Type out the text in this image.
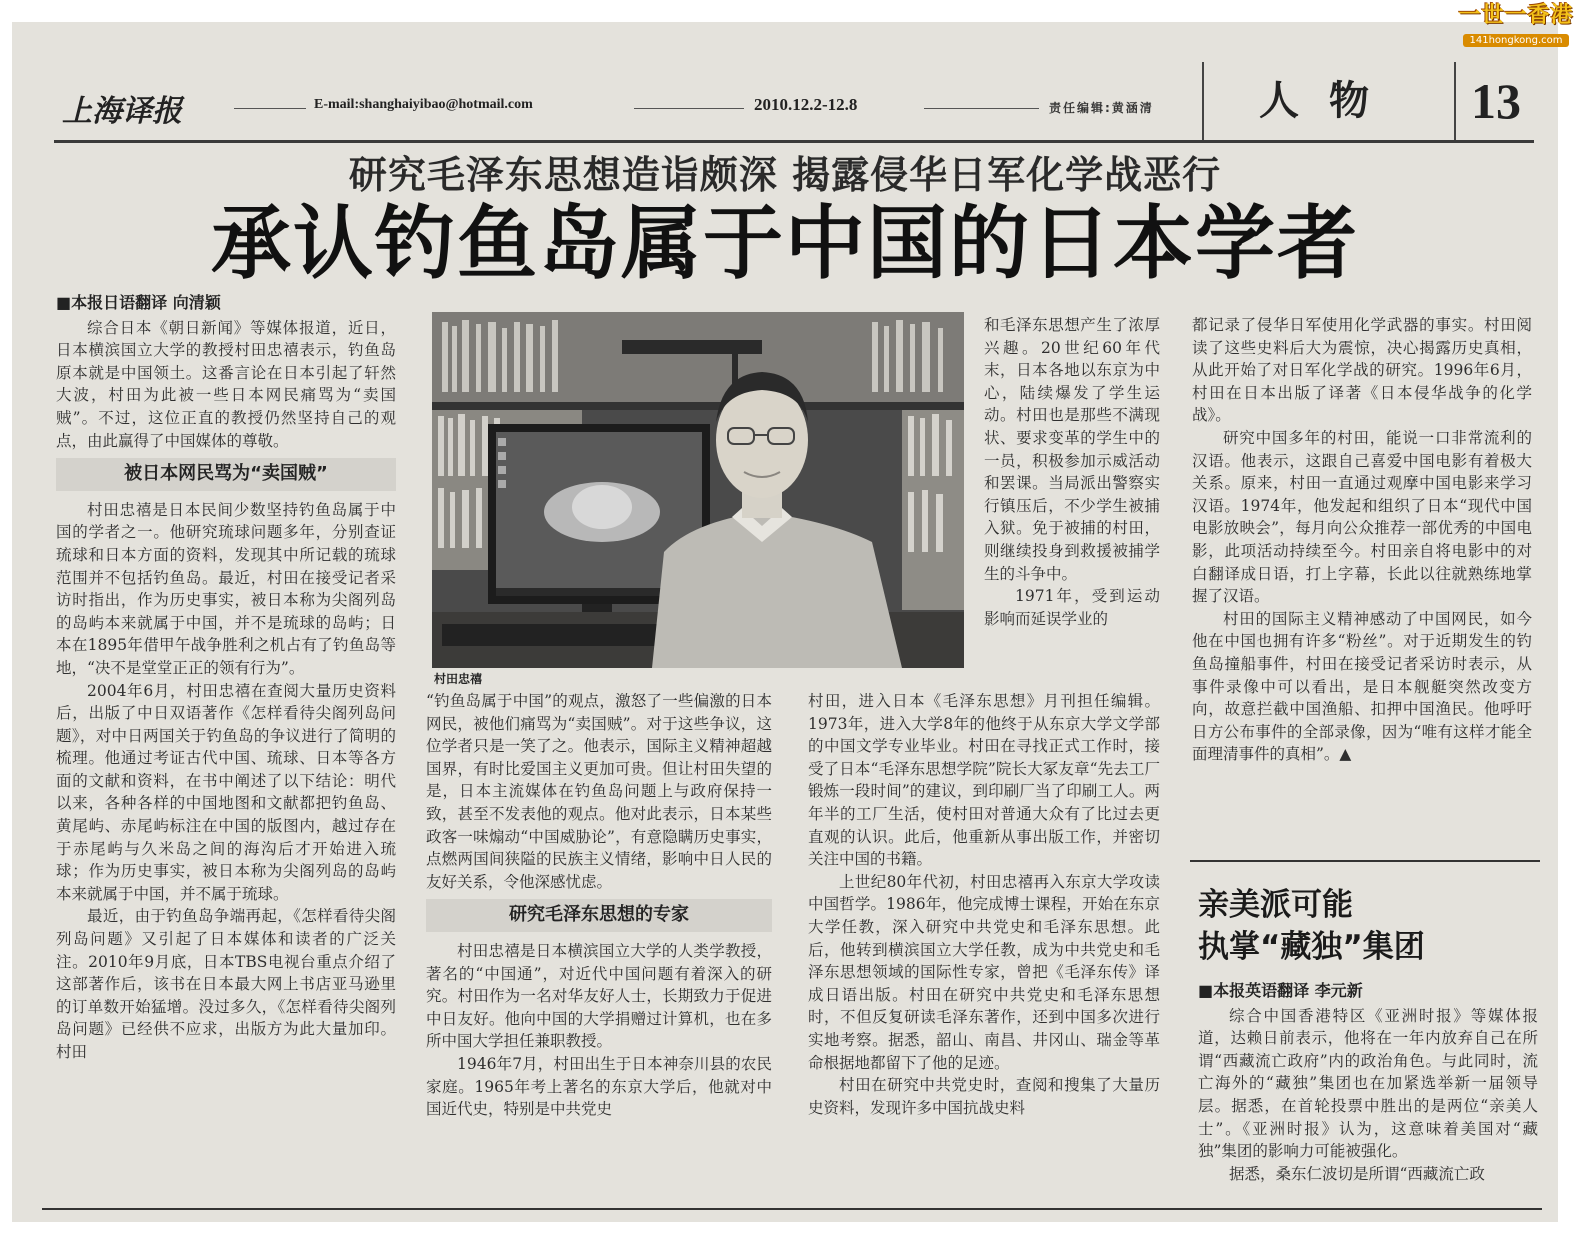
上海译报	E-mail:shanghaiyibao@hotmail.com	2010.12.2-12.8	责任编辑:黄涵清	人物	13
研究毛泽东思想造诣颇深 揭露侵华日军化学战恶行
承认钓鱼岛属于中国的日本学者
■本报日语翻译 向清颖

综合日本《朝日新闻》等媒体报道，近日，日本横滨国立大学的教授村田忠禧表示，钓鱼岛原本就是中国领土。这番言论在日本引起了轩然大波，村田为此被一些日本网民痛骂为“卖国贼”。不过，这位正直的教授仍然坚持自己的观点，由此赢得了中国媒体的尊敬。

被日本网民骂为“卖国贼”

村田忠禧是日本民间少数坚持钓鱼岛属于中国的学者之一。他研究琉球问题多年，分别查证琉球和日本方面的资料，发现其中所记载的琉球范围并不包括钓鱼岛。最近，村田在接受记者采访时指出，作为历史事实，被日本称为尖阁列岛的岛屿本来就属于中国，并不是琉球的岛屿；日本在1895年借甲午战争胜利之机占有了钓鱼岛等地，“决不是堂堂正正的领有行为”。

2004年6月，村田忠禧在查阅大量历史资料后，出版了中日双语著作《怎样看待尖阁列岛问题》，对中日两国关于钓鱼岛的争议进行了简明的梳理。他通过考证古代中国、琉球、日本等各方面的文献和资料，在书中阐述了以下结论：明代以来，各种各样的中国地图和文献都把钓鱼岛、黄尾屿、赤尾屿标注在中国的版图内，越过存在于赤尾屿与久米岛之间的海沟后才开始进入琉球；作为历史事实，被日本称为尖阁列岛的岛屿本来就属于中国，并不属于琉球。

最近，由于钓鱼岛争端再起，《怎样看待尖阁列岛问题》又引起了日本媒体和读者的广泛关注。2010年9月底，日本TBS电视台重点介绍了这部著作后，该书在日本最大网上书店亚马逊里的订单数开始猛增。没过多久，《怎样看待尖阁列岛问题》已经供不应求，出版方为此大量加印。村田

村田忠禧

“钓鱼岛属于中国”的观点，激怒了一些偏激的日本网民，被他们痛骂为“卖国贼”。对于这些争议，这位学者只是一笑了之。他表示，国际主义精神超越国界，有时比爱国主义更加可贵。但让村田失望的是，日本主流媒体在钓鱼岛问题上与政府保持一致，甚至不发表他的观点。他对此表示，日本某些政客一味煽动“中国威胁论”，有意隐瞒历史事实，点燃两国间狭隘的民族主义情绪，影响中日人民的友好关系，令他深感忧虑。

研究毛泽东思想的专家

村田忠禧是日本横滨国立大学的人类学教授，著名的“中国通”，对近代中国问题有着深入的研究。村田作为一名对华友好人士，长期致力于促进中日友好。他向中国的大学捐赠过计算机，也在多所中国大学担任兼职教授。

1946年7月，村田出生于日本神奈川县的农民家庭。1965年考上著名的东京大学后，他就对中国近代史，特别是中共党史

和毛泽东思想产生了浓厚兴趣。20世纪60年代末，日本各地以东京为中心，陆续爆发了学生运动。村田也是那些不满现状、要求变革的学生中的一员，积极参加示威活动和罢课。当局派出警察实行镇压后，不少学生被捕入狱。免于被捕的村田，则继续投身到救援被捕学生的斗争中。

1971年，受到运动影响而延误学业的

村田，进入日本《毛泽东思想》月刊担任编辑。1973年，进入大学8年的他终于从东京大学文学部的中国文学专业毕业。村田在寻找正式工作时，接受了日本“毛泽东思想学院”院长大冢友章“先去工厂锻炼一段时间”的建议，到印刷厂当了印刷工人。两年半的工厂生活，使村田对普通大众有了比过去更直观的认识。此后，他重新从事出版工作，并密切关注中国的书籍。

上世纪80年代初，村田忠禧再入东京大学攻读中国哲学。1986年，他完成博士课程，开始在东京大学任教，深入研究中共党史和毛泽东思想。此后，他转到横滨国立大学任教，成为中共党史和毛泽东思想领域的国际性专家，曾把《毛泽东传》译成日语出版。村田在研究中共党史和毛泽东思想时，不但反复研读毛泽东著作，还到中国多次进行实地考察。据悉，韶山、南昌、井冈山、瑞金等革命根据地都留下了他的足迹。

村田在研究中共党史时，查阅和搜集了大量历史资料，发现许多中国抗战史料

都记录了侵华日军使用化学武器的事实。村田阅读了这些史料后大为震惊，决心揭露历史真相，从此开始了对日军化学战的研究。1996年6月，村田在日本出版了译著《日本侵华战争的化学战》。

研究中国多年的村田，能说一口非常流利的汉语。他表示，这跟自己喜爱中国电影有着极大关系。原来，村田一直通过观摩中国电影来学习汉语。1974年，他发起和组织了日本“现代中国电影放映会”，每月向公众推荐一部优秀的中国电影，此项活动持续至今。村田亲自将电影中的对白翻译成日语，打上字幕，长此以往就熟练地掌握了汉语。

村田的国际主义精神感动了中国网民，如今他在中国也拥有许多“粉丝”。对于近期发生的钓鱼岛撞船事件，村田在接受记者采访时表示，从事件录像中可以看出，是日本舰艇突然改变方向，故意拦截中国渔船、扣押中国渔民。他呼吁日方公布事件的全部录像，因为“唯有这样才能全面理清事件的真相”。▲

亲美派可能
执掌“藏独”集团
■本报英语翻译 李元新

综合中国香港特区《亚洲时报》等媒体报道，达赖日前表示，他将在一年内放弃自己在所谓“西藏流亡政府”内的政治角色。与此同时，流亡海外的“藏独”集团也在加紧选举新一届领导层。据悉，在首轮投票中胜出的是两位“亲美人士”。《亚洲时报》认为，这意味着美国对“藏独”集团的影响力可能被强化。

据悉，桑东仁波切是所谓“西藏流亡政

一世一香港
141hongkong.com
